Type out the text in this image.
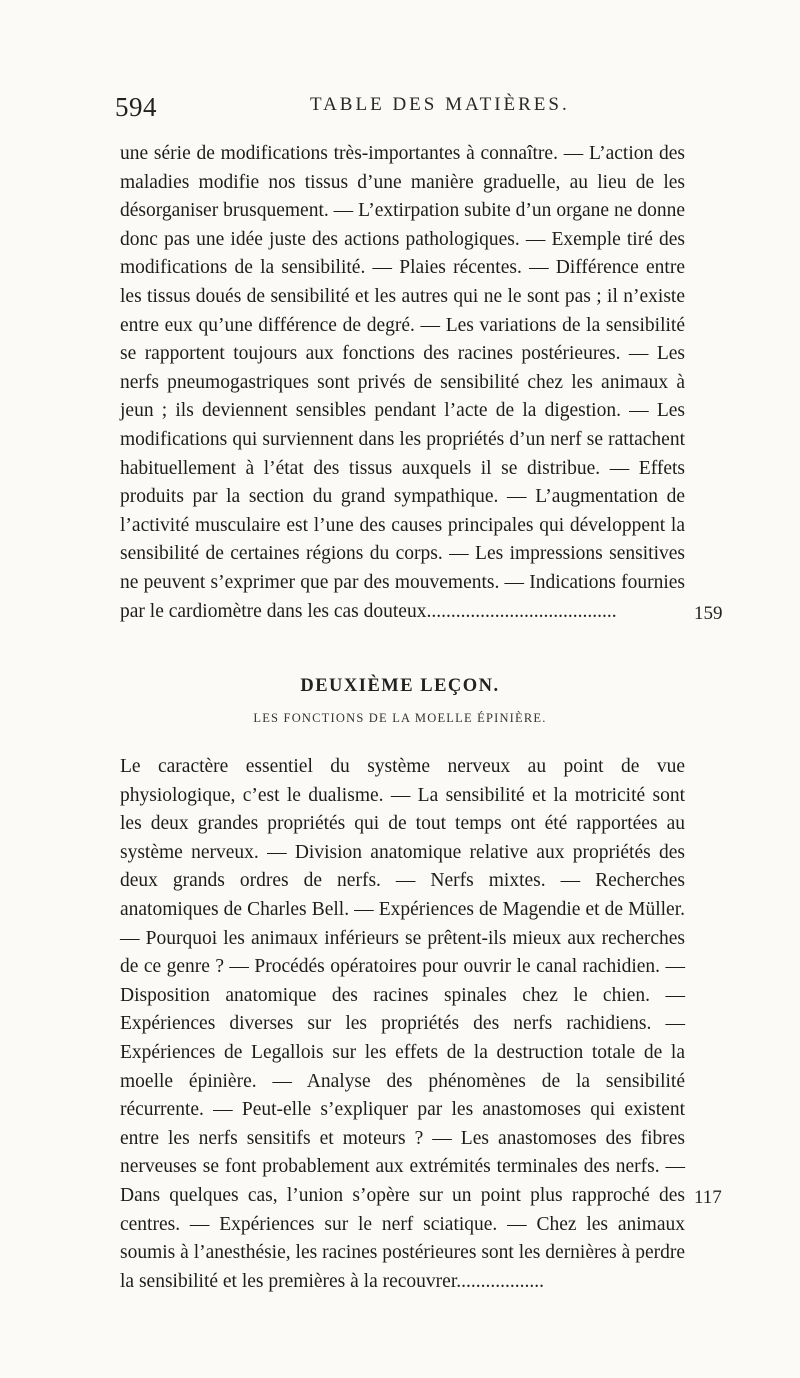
594	TABLE DES MATIÈRES.

une série de modifications très-importantes à connaître. — L’action des maladies modifie nos tissus d’une manière graduelle, au lieu de les désorganiser brusquement. — L’extirpation subite d’un organe ne donne donc pas une idée juste des actions pathologiques. — Exemple tiré des modifications de la sensibilité. — Plaies récentes. — Différence entre les tissus doués de sensibilité et les autres qui ne le sont pas ; il n’existe entre eux qu’une différence de degré. — Les variations de la sensibilité se rapportent toujours aux fonctions des racines postérieures. — Les nerfs pneumogastriques sont privés de sensibilité chez les animaux à jeun ; ils deviennent sensibles pendant l’acte de la digestion. — Les modifications qui surviennent dans les propriétés d’un nerf se rattachent habituellement à l’état des tissus auxquels il se distribue. — Effets produits par la section du grand sympathique. — L’augmentation de l’activité musculaire est l’une des causes principales qui développent la sensibilité de certaines régions du corps. — Les impressions sensitives ne peuvent s’exprimer que par des mouvements. — Indications fournies par le cardiomètre dans les cas douteux.......................................	159
DEUXIÈME LEÇON.
LES FONCTIONS DE LA MOELLE ÉPINIÈRE.

Le caractère essentiel du système nerveux au point de vue physiologique, c’est le dualisme. — La sensibilité et la motricité sont les deux grandes propriétés qui de tout temps ont été rapportées au système nerveux. — Division anatomique relative aux propriétés des deux grands ordres de nerfs. — Nerfs mixtes. — Recherches anatomiques de Charles Bell. — Expériences de Magendie et de Müller. — Pourquoi les animaux inférieurs se prêtent-ils mieux aux recherches de ce genre ? — Procédés opératoires pour ouvrir le canal rachidien. — Disposition anatomique des racines spinales chez le chien. — Expériences diverses sur les propriétés des nerfs rachidiens. — Expériences de Legallois sur les effets de la destruction totale de la moelle épinière. — Analyse des phénomènes de la sensibilité récurrente. — Peut-elle s’expliquer par les anastomoses qui existent entre les nerfs sensitifs et moteurs ? — Les anastomoses des fibres nerveuses se font probablement aux extrémités terminales des nerfs. — Dans quelques cas, l’union s’opère sur un point plus rapproché des centres. — Expériences sur le nerf sciatique. — Chez les animaux soumis à l’anesthésie, les racines postérieures sont les dernières à perdre la sensibilité et les premières à la recouvrer..................

117
